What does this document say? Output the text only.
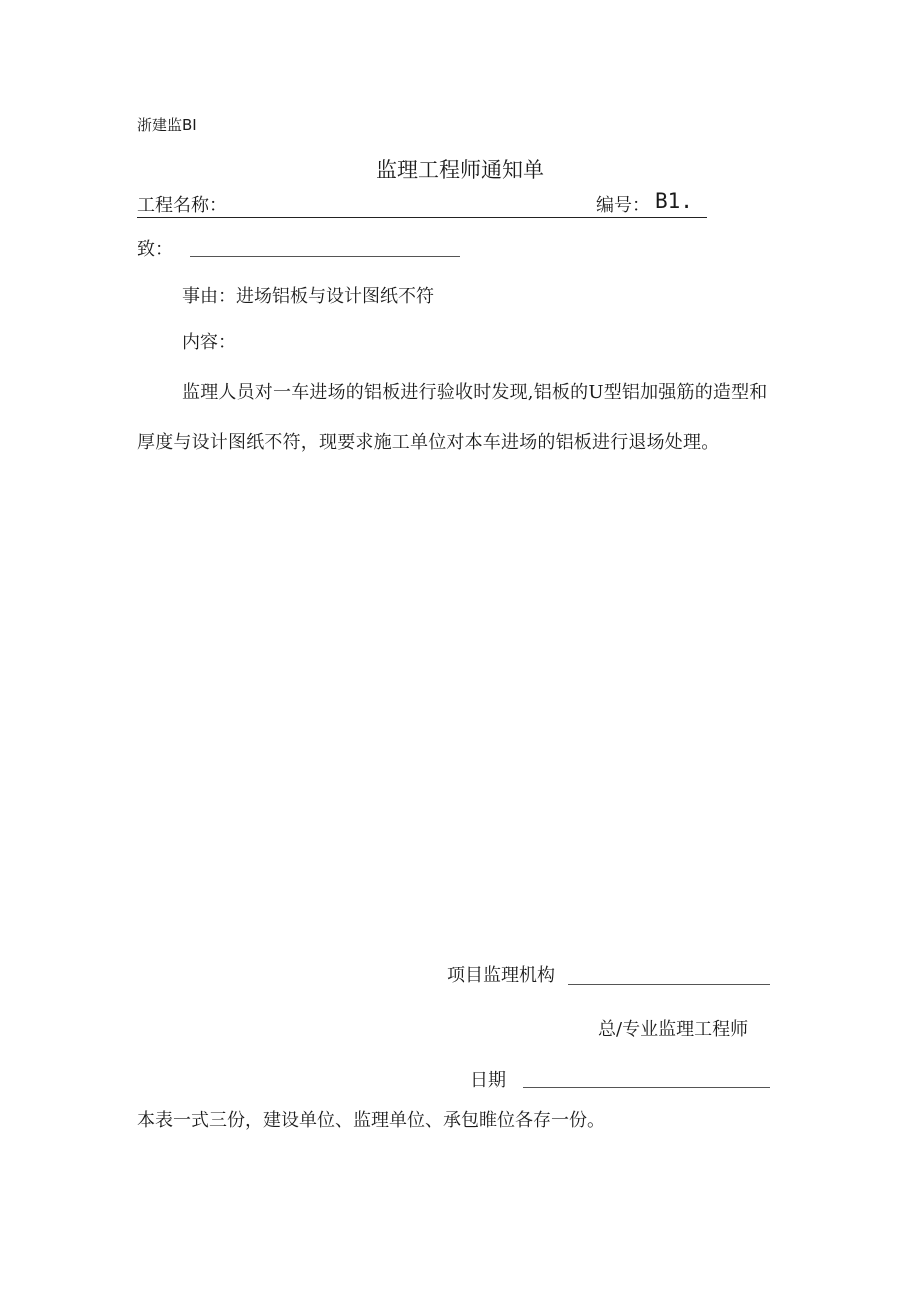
浙建监BI
监理工程师通知单
工程名称：	编号： B1.
致：
事由：进场铝板与设计图纸不符
内容：
监理人员对一车进场的铝板进行验收时发现,铝板的U型铝加强筋的造型和厚度与设计图纸不符，现要求施工单位对本车进场的铝板进行退场处理。
项目监理机构
总/专业监理工程师
日期
本表一式三份，建设单位、监理单位、承包睢位各存一份。
